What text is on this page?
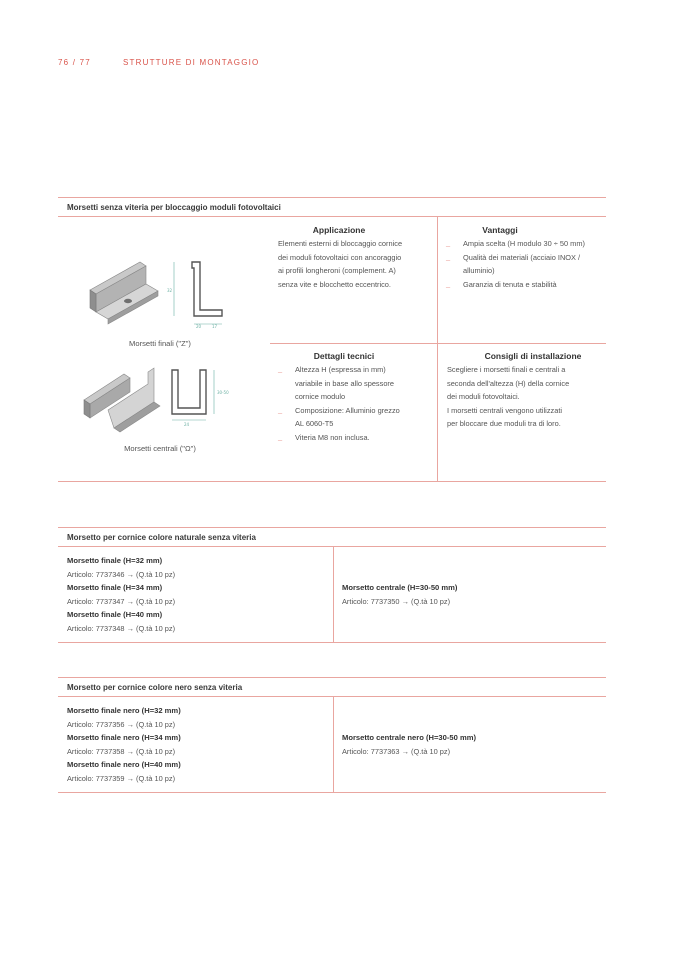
76 / 77	STRUTTURE DI MONTAGGIO
Morsetti senza viteria per bloccaggio moduli fotovoltaici
32
20	17
Morsetti finali ("Z")
30-50
24
Morsetti centrali ("Ω")
Applicazione
Elementi esterni di bloccaggio cornice
dei moduli fotovoltaici con ancoraggio
ai profili longheroni (complement. A)
senza vite e blocchetto eccentrico.
Vantaggi
_	Ampia scelta (H modulo 30 ÷ 50 mm)
_	Qualità dei materiali (acciaio INOX /
alluminio)
_	Garanzia di tenuta e stabilità
Dettagli tecnici
_	Altezza H (espressa in mm)
variabile in base allo spessore
cornice modulo
_	Composizione: Alluminio grezzo
AL 6060-T5
_	Viteria M8 non inclusa.
Consigli di installazione
Scegliere i morsetti finali e centrali a
seconda dell'altezza (H) della cornice
dei moduli fotovoltaici.
I morsetti centrali vengono utilizzati
per bloccare due moduli tra di loro.
Morsetto per cornice colore naturale senza viteria
Morsetto finale (H=32 mm)
Articolo: 7737346 → (Q.tà 10 pz)
Morsetto finale (H=34 mm)
Articolo: 7737347 → (Q.tà 10 pz)
Morsetto finale (H=40 mm)
Articolo: 7737348 → (Q.tà 10 pz)
Morsetto centrale (H=30-50 mm)
Articolo: 7737350 → (Q.tà 10 pz)
Morsetto per cornice colore nero senza viteria
Morsetto finale nero (H=32 mm)
Articolo: 7737356 → (Q.tà 10 pz)
Morsetto finale nero (H=34 mm)
Articolo: 7737358 → (Q.tà 10 pz)
Morsetto finale nero (H=40 mm)
Articolo: 7737359 → (Q.tà 10 pz)
Morsetto centrale nero (H=30-50 mm)
Articolo: 7737363 → (Q.tà 10 pz)
